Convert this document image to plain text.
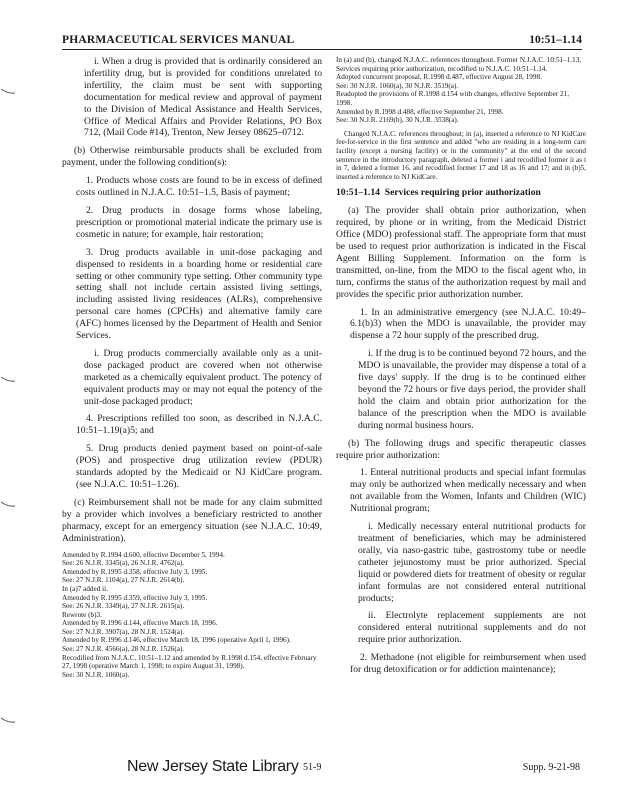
PHARMACEUTICAL SERVICES MANUAL	10:51–1.14

i. When a drug is provided that is ordinarily considered an infertility drug, but is provided for conditions unrelated to infertility, the claim must be sent with supporting documentation for medical review and approval of payment to the Division of Medical Assistance and Health Services, Office of Medical Affairs and Provider Relations, PO Box 712, (Mail Code #14), Trenton, New Jersey 08625–0712.

(b) Otherwise reimbursable products shall be excluded from payment, under the following condition(s):

1. Products whose costs are found to be in excess of defined costs outlined in N.J.A.C. 10:51–1.5, Basis of payment;

2. Drug products in dosage forms whose labeling, prescription or promotional material indicate the primary use is cosmetic in nature; for example, hair restoration;

3. Drug products available in unit-dose packaging and dispensed to residents in a boarding home or residential care setting or other community type setting. Other community type setting shall not include certain assisted living settings, including assisted living residences (ALRs), comprehensive personal care homes (CPCHs) and alternative family care (AFC) homes licensed by the Department of Health and Senior Services.

i. Drug products commercially available only as a unit-dose packaged product are covered when not otherwise marketed as a chemically equivalent product. The potency of equivalent products may or may not equal the potency of the unit-dose packaged product;

4. Prescriptions refilled too soon, as described in N.J.A.C. 10:51–1.19(a)5; and

5. Drug products denied payment based on point-of-sale (POS) and prospective drug utilization review (PDUR) standards adopted by the Medicaid or NJ KidCare program. (see N.J.A.C. 10:51–1.26).

(c) Reimbursement shall not be made for any claim submitted by a provider which involves a beneficiary restricted to another pharmacy, except for an emergency situation (see N.J.A.C. 10:49, Administration).

Amended by R.1994 d.600, effective December 5, 1994.

See: 26 N.J.R. 3345(a), 26 N.J.R. 4762(a).

Amended by R.1995 d.358, effective July 3, 1995.

See: 27 N.J.R. 1104(a), 27 N.J.R. 2614(b).

In (a)7 added ii.

Amended by R.1995 d.359, effective July 3, 1995.

See: 26 N.J.R. 3349(a), 27 N.J.R. 2615(a).

Rewrote (b)3.

Amended by R.1996 d.144, effective March 18, 1996.

See: 27 N.J.R. 3907(a), 28 N.J.R. 1524(a).

Amended by R.1996 d.146, effective March 18, 1996 (operative April 1, 1996).

See: 27 N.J.R. 4566(a), 28 N.J.R. 1526(a).

Recodified from N.J.A.C. 10:51–1.12 and amended by R.1998 d.154, effective February 27, 1998 (operative March 1, 1998; to expire August 31, 1998).

See: 30 N.J.R. 1060(a).

In (a) and (b), changed N.J.A.C. references throughout. Former N.J.A.C. 10:51–1.13, Services requiring prior authorization, recodified to N.J.A.C. 10:51–1.14.

Adopted concurrent proposal, R.1998 d.487, effective August 28, 1998.

See: 30 N.J.R. 1060(a), 30 N.J.R. 3519(a).

Readopted the provisions of R.1998 d.154 with changes, effective September 21, 1998.

Amended by R.1998 d.488, effective September 21, 1998.

See: 30 N.J.R. 2169(b), 30 N.J.R. 3538(a).

Changed N.J.A.C. references throughout; in (a), inserted a reference to NJ KidCare fee-for-service in the first sentence and added "who are residing in a long-term care facility (except a nursing facility) or in the community" at the end of the second sentence in the introductory paragraph, deleted a former i and recodified former ii as i in 7, deleted a former 16, and recodified former 17 and 18 as 16 and 17; and in (b)5, inserted a reference to NJ KidCare.

10:51–1.14 Services requiring prior authorization

(a) The provider shall obtain prior authorization, when required, by phone or in writing, from the Medicaid District Office (MDO) professional staff. The appropriate form that must be used to request prior authorization is indicated in the Fiscal Agent Billing Supplement. Information on the form is transmitted, on-line, from the MDO to the fiscal agent who, in turn, confirms the status of the authorization request by mail and provides the specific prior authorization number.

1. In an administrative emergency (see N.J.A.C. 10:49–6.1(b)3) when the MDO is unavailable, the provider may dispense a 72 hour supply of the prescribed drug.

i. If the drug is to be continued beyond 72 hours, and the MDO is unavailable, the provider may dispense a total of a five days' supply. If the drug is to be continued either beyond the 72 hours or five days period, the provider shall hold the claim and obtain prior authorization for the balance of the prescription when the MDO is available during normal business hours.

(b) The following drugs and specific therapeutic classes require prior authorization:

1. Enteral nutritional products and special infant formulas may only be authorized when medically necessary and when not available from the Women, Infants and Children (WIC) Nutritional program;

i. Medically necessary enteral nutritional products for treatment of beneficiaries, which may be administered orally, via naso-gastric tube, gastrostomy tube or needle catheter jejunostomy must be prior authorized. Special liquid or powdered diets for treatment of obesity or regular infant formulas are not considered enteral nutritional products;

ii. Electrolyte replacement supplements are not considered enteral nutritional supplements and do not require prior authorization.

2. Methadone (not eligible for reimbursement when used for drug detoxification or for addiction maintenance);

New Jersey State Library 51-9	Supp. 9-21-98
